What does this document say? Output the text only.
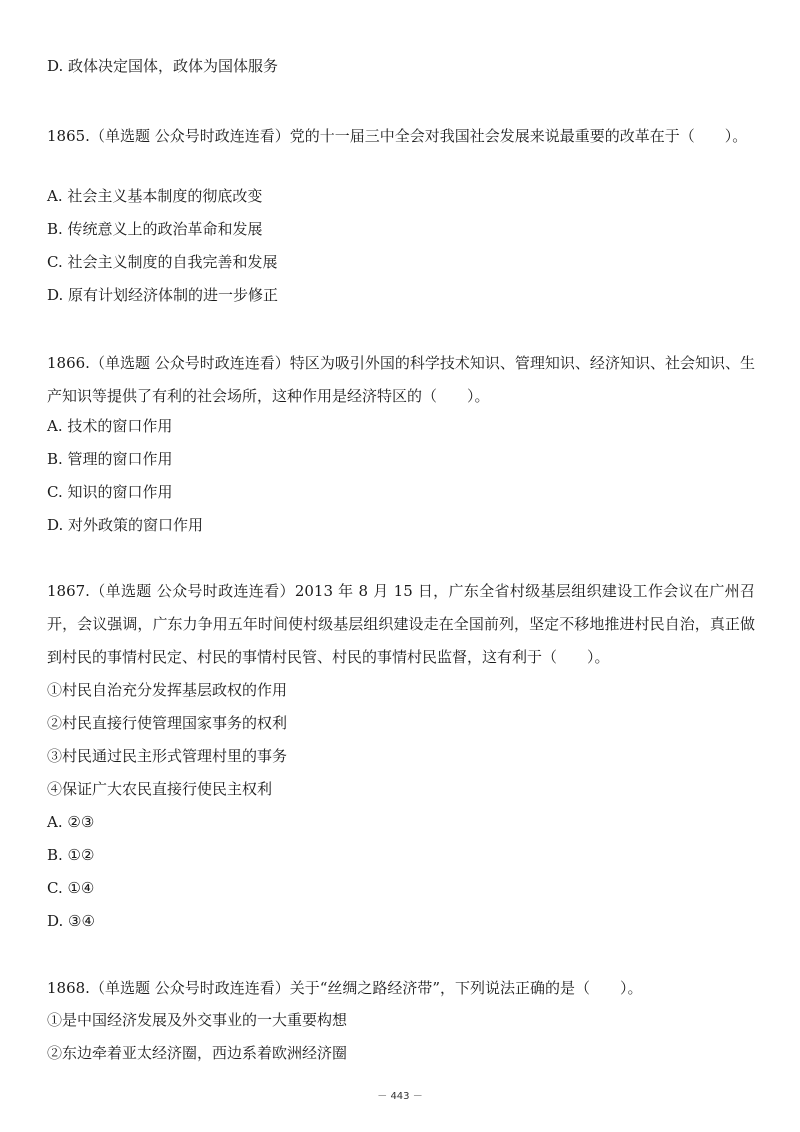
D. 政体决定国体，政体为国体服务
1865.（单选题 公众号时政连连看）党的十一届三中全会对我国社会发展来说最重要的改革在于（　　）。
A. 社会主义基本制度的彻底改变
B. 传统意义上的政治革命和发展
C. 社会主义制度的自我完善和发展
D. 原有计划经济体制的进一步修正
1866.（单选题 公众号时政连连看）特区为吸引外国的科学技术知识、管理知识、经济知识、社会知识、生产知识等提供了有利的社会场所，这种作用是经济特区的（　　）。
A. 技术的窗口作用
B. 管理的窗口作用
C. 知识的窗口作用
D. 对外政策的窗口作用
1867.（单选题 公众号时政连连看）2013 年 8 月 15 日，广东全省村级基层组织建设工作会议在广州召开，会议强调，广东力争用五年时间使村级基层组织建设走在全国前列，坚定不移地推进村民自治，真正做到村民的事情村民定、村民的事情村民管、村民的事情村民监督，这有利于（　　）。
①村民自治充分发挥基层政权的作用
②村民直接行使管理国家事务的权利
③村民通过民主形式管理村里的事务
④保证广大农民直接行使民主权利
A. ②③
B. ①②
C. ①④
D. ③④
1868.（单选题 公众号时政连连看）关于“丝绸之路经济带”，下列说法正确的是（　　）。
①是中国经济发展及外交事业的一大重要构想
②东边牵着亚太经济圈，西边系着欧洲经济圈
－ 443 －
